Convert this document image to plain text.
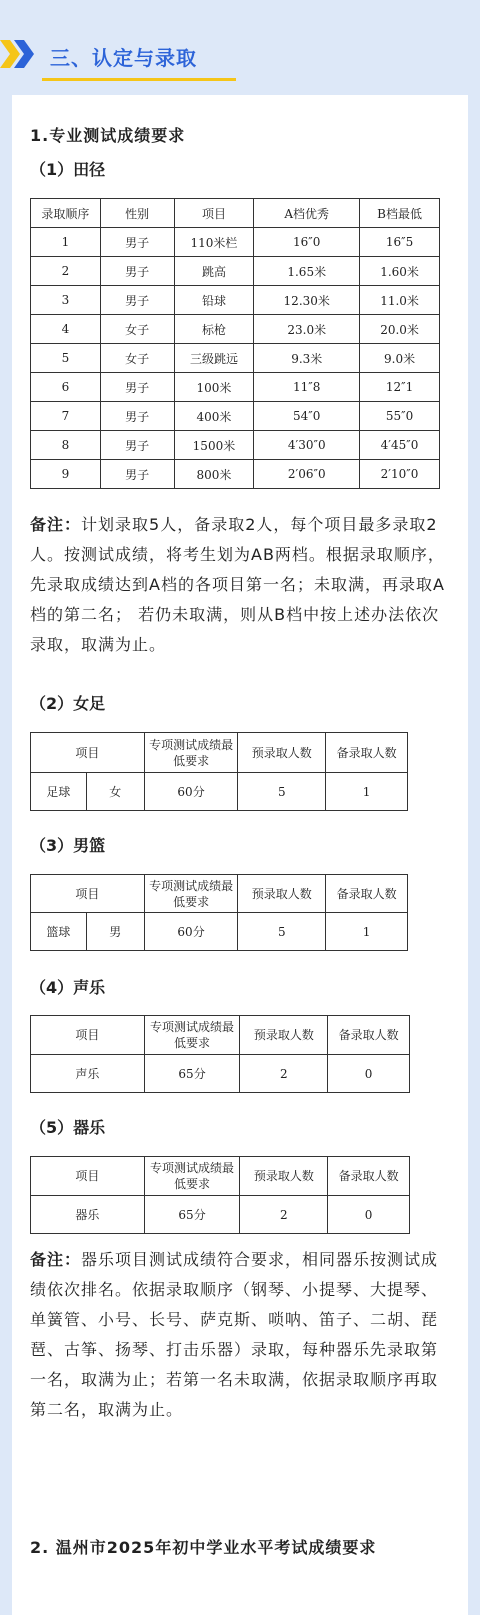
三、认定与录取
1.专业测试成绩要求
（1）田径
录取顺序	性别	项目	A档优秀	B档最低
1	男子	110米栏	16″0	16″5
2	男子	跳高	1.65米	1.60米
3	男子	铅球	12.30米	11.0米
4	女子	标枪	23.0米	20.0米
5	女子	三级跳远	9.3米	9.0米
6	男子	100米	11″8	12″1
7	男子	400米	54″0	55″0
8	男子	1500米	4′30″0	4′45″0
9	男子	800米	2′06″0	2′10″0
备注：计划录取5人，备录取2人，每个项目最多录取2人。按测试成绩，将考生划为AB两档。根据录取顺序，先录取成绩达到A档的各项目第一名；未取满，再录取A档的第二名； 若仍未取满，则从B档中按上述办法依次录取，取满为止。
（2）女足
项目		专项测试成绩最低要求	预录取人数	备录取人数
足球	女	60分	5	1
（3）男篮
项目		专项测试成绩最低要求	预录取人数	备录取人数
篮球	男	60分	5	1
（4）声乐
项目	专项测试成绩最低要求	预录取人数	备录取人数
声乐	65分	2	0
（5）器乐
项目	专项测试成绩最低要求	预录取人数	备录取人数
器乐	65分	2	0
备注：器乐项目测试成绩符合要求，相同器乐按测试成绩依次排名。依据录取顺序（钢琴、小提琴、大提琴、单簧管、小号、长号、萨克斯、唢呐、笛子、二胡、琵琶、古筝、扬琴、打击乐器）录取，每种器乐先录取第一名，取满为止；若第一名未取满，依据录取顺序再取第二名，取满为止。
2. 温州市2025年初中学业水平考试成绩要求
